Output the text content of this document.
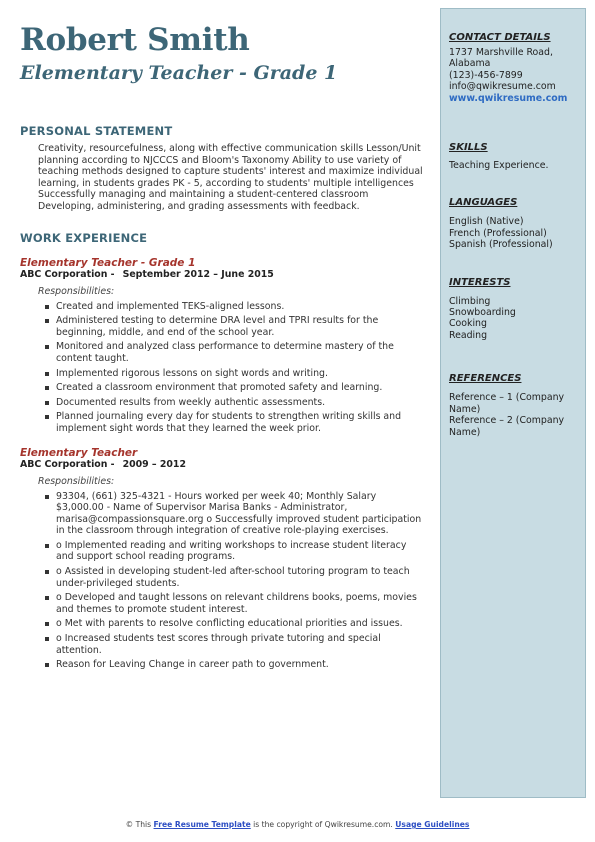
Robert Smith
Elementary Teacher - Grade 1
PERSONAL STATEMENT
Creativity, resourcefulness, along with effective communication skills Lesson/Unit planning according to NJCCCS and Bloom's Taxonomy Ability to use variety of teaching methods designed to capture students' interest and maximize individual learning, in students grades PK - 5, according to students' multiple intelligences Successfully managing and maintaining a student-centered classroom Developing, administering, and grading assessments with feedback.
WORK EXPERIENCE
Elementary Teacher - Grade 1
ABC Corporation - September 2012 – June 2015
Responsibilities:
Created and implemented TEKS-aligned lessons.
Administered testing to determine DRA level and TPRI results for the beginning, middle, and end of the school year.
Monitored and analyzed class performance to determine mastery of the content taught.
Implemented rigorous lessons on sight words and writing.
Created a classroom environment that promoted safety and learning.
Documented results from weekly authentic assessments.
Planned journaling every day for students to strengthen writing skills and implement sight words that they learned the week prior.
Elementary Teacher
ABC Corporation - 2009 – 2012
Responsibilities:
93304, (661) 325-4321 - Hours worked per week 40; Monthly Salary $3,000.00 - Name of Supervisor Marisa Banks - Administrator, marisa@compassionsquare.org o Successfully improved student participation in the classroom through integration of creative role-playing exercises.
o Implemented reading and writing workshops to increase student literacy and support school reading programs.
o Assisted in developing student-led after-school tutoring program to teach under-privileged students.
o Developed and taught lessons on relevant childrens books, poems, movies and themes to promote student interest.
o Met with parents to resolve conflicting educational priorities and issues.
o Increased students test scores through private tutoring and special attention.
Reason for Leaving Change in career path to government.
CONTACT DETAILS
1737 Marshville Road,
Alabama
(123)-456-7899
info@qwikresume.com
www.qwikresume.com
SKILLS
Teaching Experience.
LANGUAGES
English (Native)
French (Professional)
Spanish (Professional)
INTERESTS
Climbing
Snowboarding
Cooking
Reading
REFERENCES
Reference – 1 (Company Name)
Reference – 2 (Company Name)
© This Free Resume Template is the copyright of Qwikresume.com. Usage Guidelines
